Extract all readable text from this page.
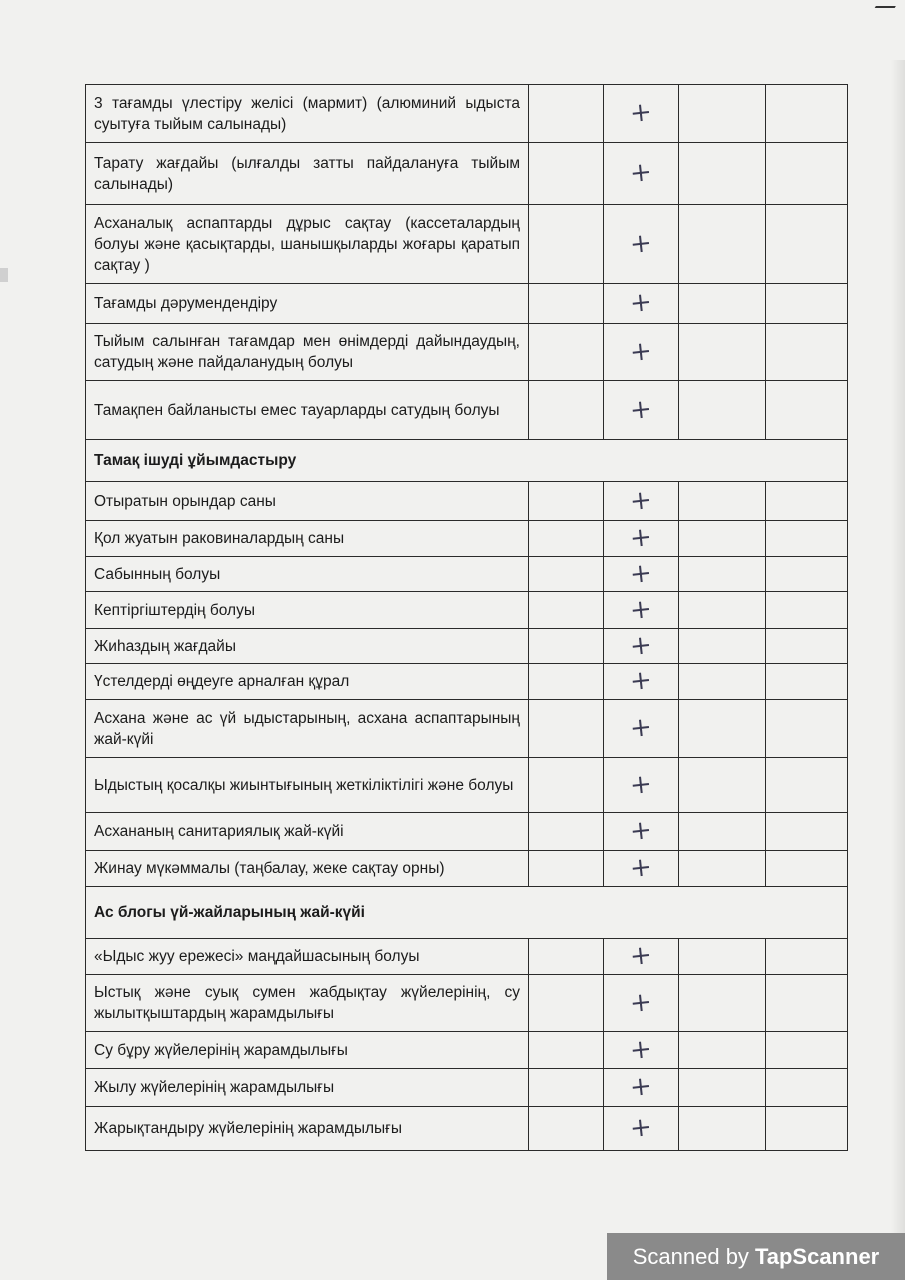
3 тағамды үлестіру желісі (мармит) (алюминий ыдыста суытуға тыйым салынады)		+		
Тарату жағдайы (ылғалды затты пайдалануға тыйым салынады)		+		
Асханалық аспаптарды дұрыс сақтау (кассеталардың болуы және қасықтарды, шанышқыларды жоғары қаратып сақтау )		+		
Тағамды дәрумендендіру		+		
Тыйым салынған тағамдар мен өнімдерді дайындаудың, сатудың және пайдаланудың болуы		+		
Тамақпен байланысты емес тауарларды сатудың болуы		+		
Тамақ ішуді ұйымдастыру				
Отыратын орындар саны		+		
Қол жуатын раковиналардың саны		+		
Сабынның болуы		+		
Кептіргіштердің болуы		+		
Жиһаздың жағдайы		+		
Үстелдерді өңдеуге арналған құрал		+		
Асхана және ас үй ыдыстарының, асхана аспаптарының жай-күйі		+		
Ыдыстың қосалқы жиынтығының жеткіліктілігі және болуы		+		
Асхананың санитариялық жай-күйі		+		
Жинау мүкәммалы (таңбалау, жеке сақтау орны)		+		
Ас блогы үй-жайларының жай-күйі				
«Ыдыс жуу ережесі» маңдайшасының болуы		+		
Ыстық және суық сумен жабдықтау жүйелерінің, су жылытқыштардың жарамдылығы		+		
Су бұру жүйелерінің жарамдылығы		+		
Жылу жүйелерінің жарамдылығы		+		
Жарықтандыру жүйелерінің жарамдылығы		+		
Scanned by TapScanner
